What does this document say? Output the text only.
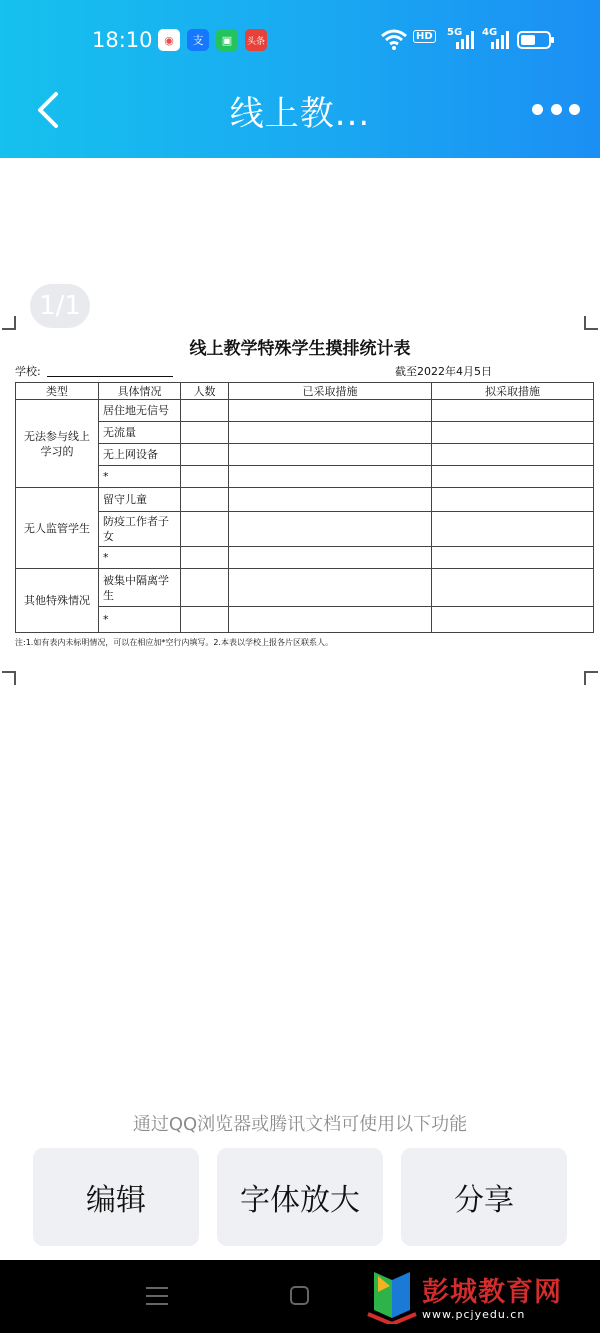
18:10	◉	支	▣	头条	HD	5G 4G
线上教...
1/1
线上教学特殊学生摸排统计表
学校:	截至2022年4月5日
类型	具体情况	人数	已采取措施	拟采取措施
无法参与线上学习的	居住地无信号			
	无流量			
	无上网设备			
	*			
无人监管学生	留守儿童			
	防疫工作者子女			
	*			
其他特殊情况	被集中隔离学生			
	*			
注:1.如有表内未标明情况，可以在相应加*空行内填写。2.本表以学校上报各片区联系人。
通过QQ浏览器或腾讯文档可使用以下功能
编辑	字体放大	分享
彭城教育网
www.pcjyedu.cn
